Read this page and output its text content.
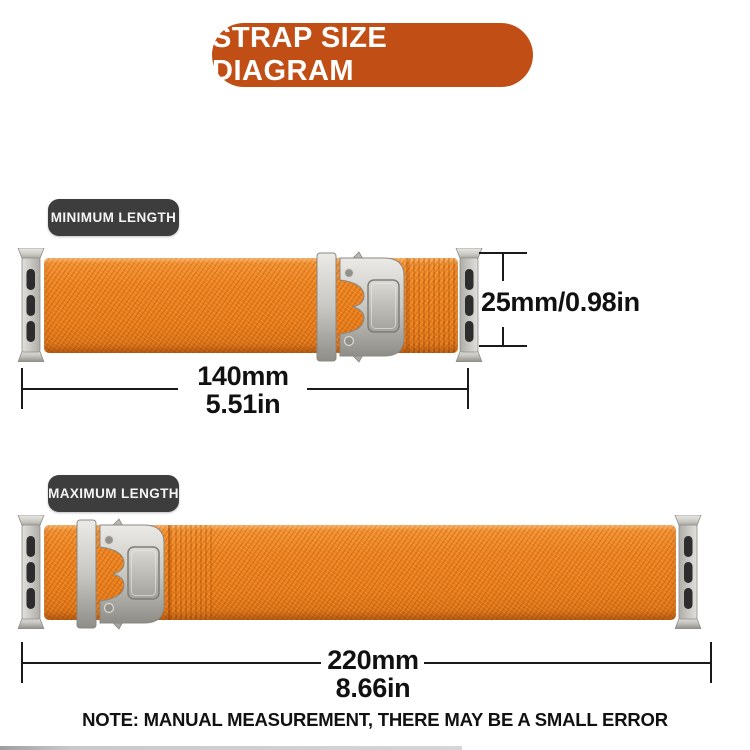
STRAP SIZE DIAGRAM
MINIMUM LENGTH
25mm/0.98in
140mm
5.51in
MAXIMUM LENGTH
220mm
8.66in
NOTE: MANUAL MEASUREMENT, THERE MAY BE A SMALL ERROR
